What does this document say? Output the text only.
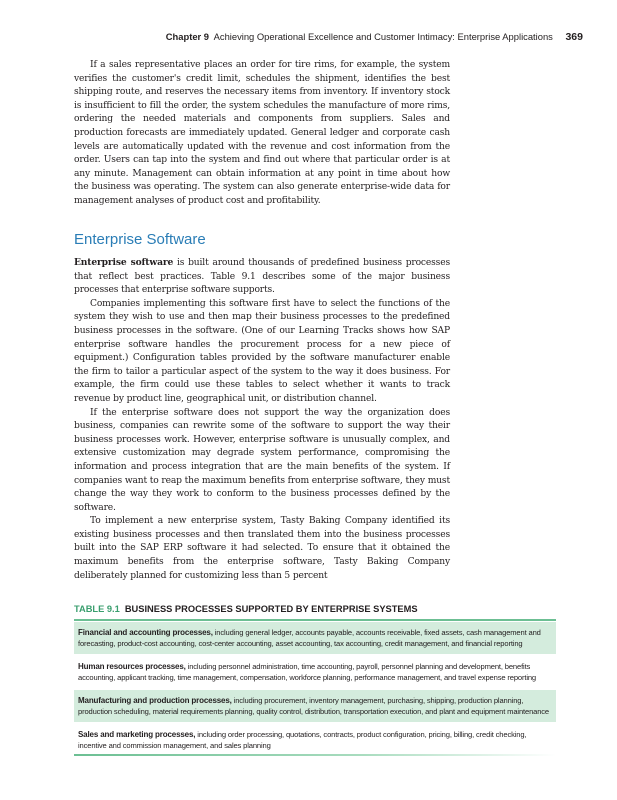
Chapter 9 Achieving Operational Excellence and Customer Intimacy: Enterprise Applications 369

If a sales representative places an order for tire rims, for example, the system verifies the customer's credit limit, schedules the shipment, identifies the best shipping route, and reserves the necessary items from inventory. If inventory stock is insufficient to fill the order, the system schedules the manufacture of more rims, ordering the needed materials and components from suppliers. Sales and production forecasts are immediately updated. General ledger and corporate cash levels are automatically updated with the revenue and cost information from the order. Users can tap into the system and find out where that particular order is at any minute. Management can obtain information at any point in time about how the business was operating. The system can also generate enterprise-wide data for management analyses of product cost and profitability.

Enterprise Software

Enterprise software is built around thousands of predefined business processes that reflect best practices. Table 9.1 describes some of the major business processes that enterprise software supports.

Companies implementing this software first have to select the functions of the system they wish to use and then map their business processes to the predefined business processes in the software. (One of our Learning Tracks shows how SAP enterprise software handles the procurement process for a new piece of equipment.) Configuration tables provided by the software manufacturer enable the firm to tailor a particular aspect of the system to the way it does business. For example, the firm could use these tables to select whether it wants to track revenue by product line, geographical unit, or distribution channel.

If the enterprise software does not support the way the organization does business, companies can rewrite some of the software to support the way their business processes work. However, enterprise software is unusually complex, and extensive customization may degrade system performance, compromising the information and process integration that are the main benefits of the system. If companies want to reap the maximum benefits from enterprise software, they must change the way they work to conform to the business processes defined by the software.

To implement a new enterprise system, Tasty Baking Company identified its existing business processes and then translated them into the business processes built into the SAP ERP software it had selected. To ensure that it obtained the maximum benefits from the enterprise software, Tasty Baking Company deliberately planned for customizing less than 5 percent

TABLE 9.1 BUSINESS PROCESSES SUPPORTED BY ENTERPRISE SYSTEMS
Financial and accounting processes, including general ledger, accounts payable, accounts receivable, fixed assets, cash management and forecasting, product-cost accounting, cost-center accounting, asset accounting, tax accounting, credit management, and financial reporting
Human resources processes, including personnel administration, time accounting, payroll, personnel planning and development, benefits accounting, applicant tracking, time management, compensation, workforce planning, performance management, and travel expense reporting
Manufacturing and production processes, including procurement, inventory management, purchasing, shipping, production planning, production scheduling, material requirements planning, quality control, distribution, transportation execution, and plant and equipment maintenance
Sales and marketing processes, including order processing, quotations, contracts, product configuration, pricing, billing, credit checking, incentive and commission management, and sales planning
